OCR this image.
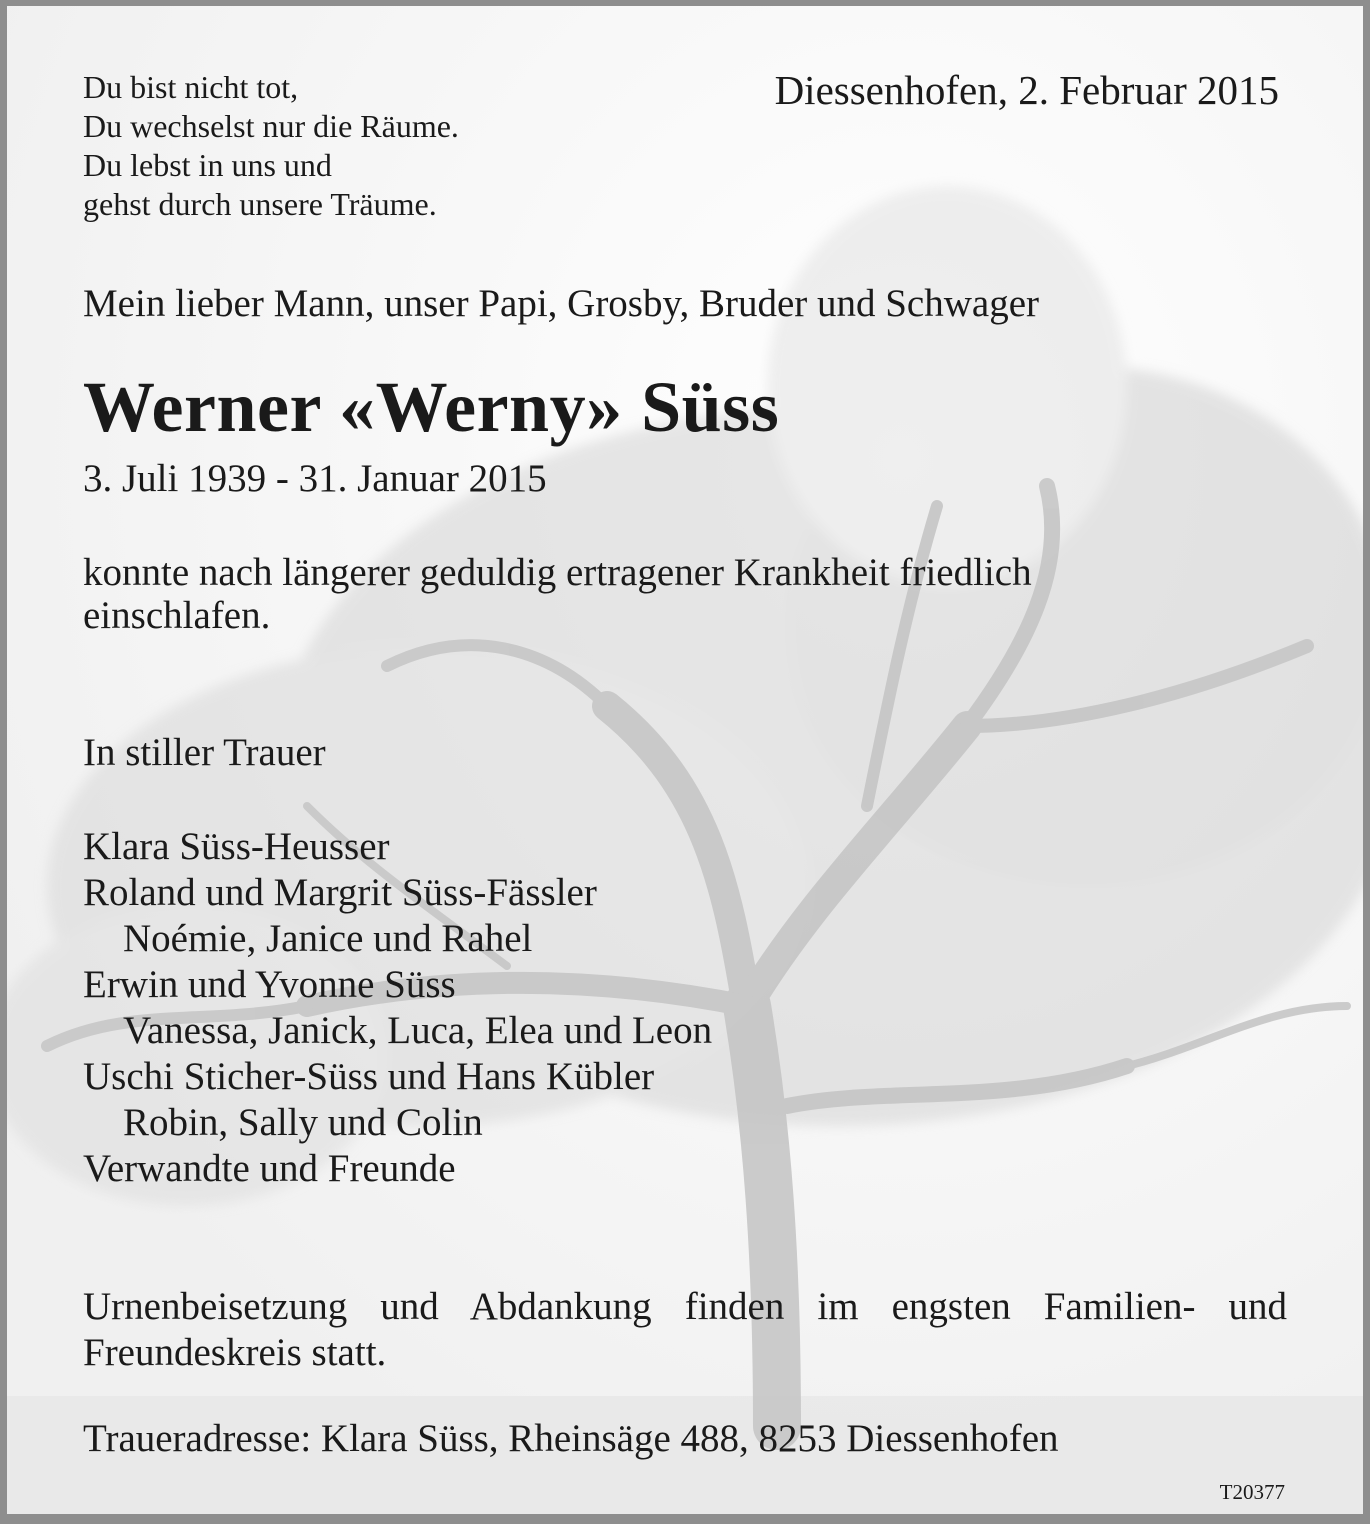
Du bist nicht tot,
Du wechselst nur die Räume.
Du lebst in uns und
gehst durch unsere Träume.
Diessenhofen, 2. Februar 2015
Mein lieber Mann, unser Papi, Grosby, Bruder und Schwager
Werner «Werny» Süss
3. Juli 1939 - 31. Januar 2015
konnte nach längerer geduldig ertragener Krankheit friedlich
einschlafen.
In stiller Trauer
Klara Süss-Heusser
Roland und Margrit Süss-Fässler
Noémie, Janice und Rahel
Erwin und Yvonne Süss
Vanessa, Janick, Luca, Elea und Leon
Uschi Sticher-Süss und Hans Kübler
Robin, Sally und Colin
Verwandte und Freunde
Urnenbeisetzung und Abdankung finden im engsten Familien- und
Freundeskreis statt.
Traueradresse: Klara Süss, Rheinsäge 488, 8253 Diessenhofen
T20377
